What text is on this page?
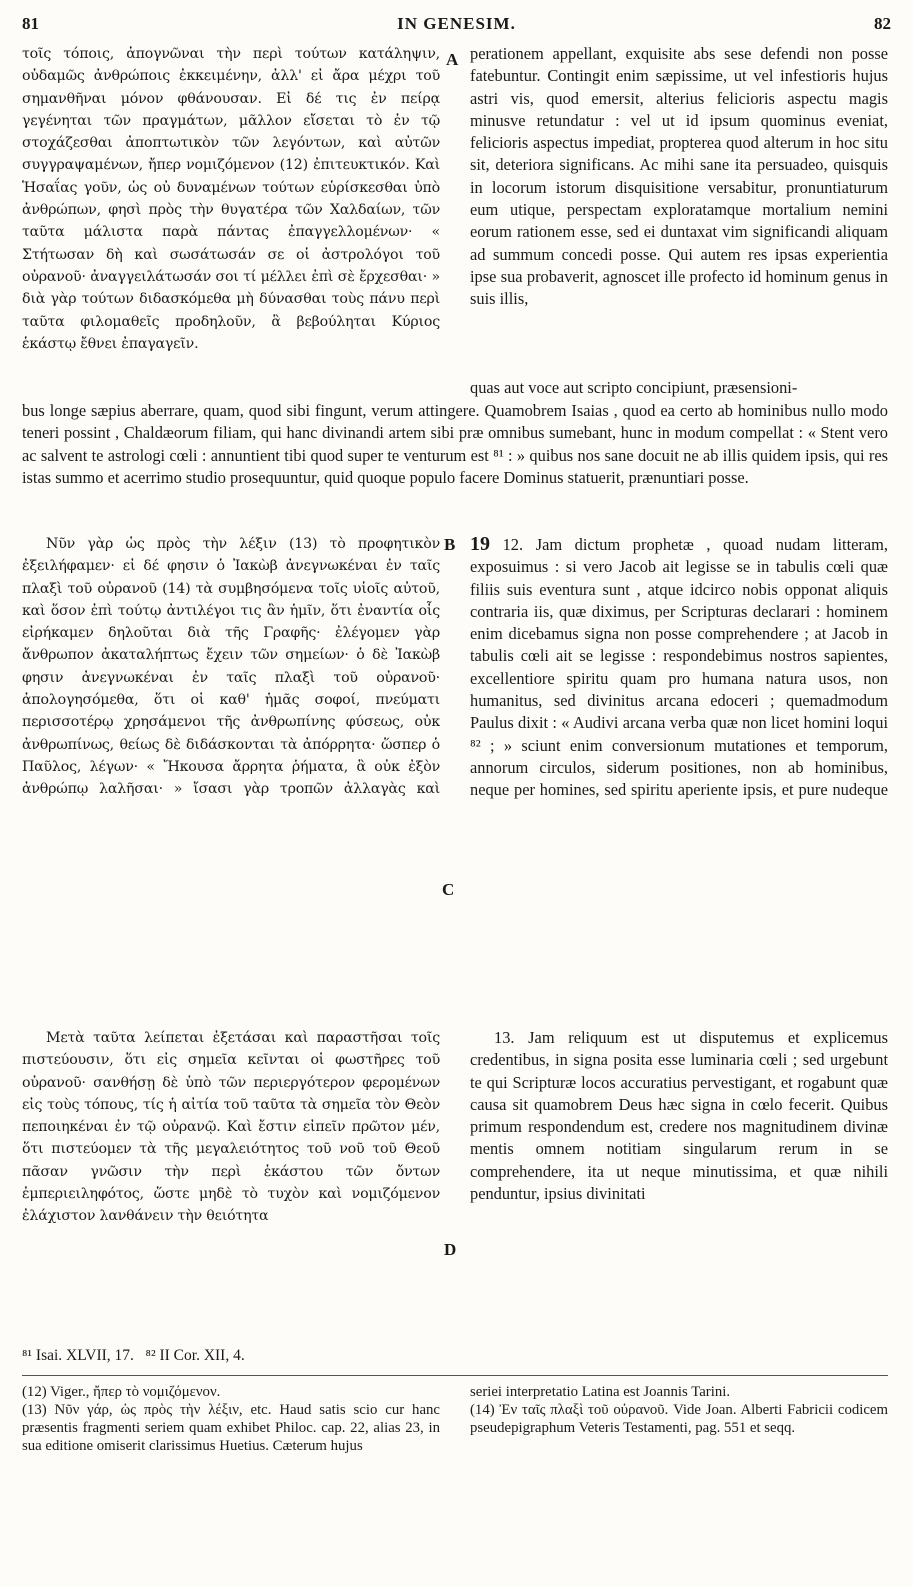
81	IN GENESIM.	82
τοῖς τόποις, ἀπογνῶναι τὴν περὶ τούτων κατάληψιν, οὐδαμῶς ἀνθρώποις ἐκκειμένην, ἀλλ' εἰ ἄρα μέχρι τοῦ σημανθῆναι μόνον φθάνουσαν. Εἰ δέ τις ἐν πείρᾳ γεγένηται τῶν πραγμάτων, μᾶλλον εἴσεται τὸ ἐν τῷ στοχάζεσθαι ἀποπτωτικὸν τῶν λεγόντων, καὶ αὐτῶν συγγραψαμένων, ἤπερ νομιζόμενον (12) ἐπιτευκτικόν. Καὶ Ἡσαΐας γοῦν, ὡς οὐ δυναμένων τούτων εὑρίσκεσθαι ὑπὸ ἀνθρώπων, φησὶ πρὸς τὴν θυγατέρα τῶν Χαλδαίων, τῶν ταῦτα μάλιστα παρὰ πάντας ἐπαγγελλομένων· « Στήτωσαν δὴ καὶ σωσάτωσάν σε οἱ ἀστρολόγοι τοῦ οὐρανοῦ· ἀναγγειλάτωσάν σοι τί μέλλει ἐπὶ σὲ ἔρχεσθαι· » διὰ γὰρ τούτων διδασκόμεθα μὴ δύνασθαι τοὺς πάνυ περὶ ταῦτα φιλομαθεῖς προδηλοῦν, ἃ βεβούληται Κύριος ἑκάστῳ ἔθνει ἐπαγαγεῖν.
A perationem appellant, exquisite abs sese defendi non posse fatebuntur. Contingit enim sæpissime, ut vel infestioris hujus astri vis, quod emersit, alterius felicioris aspectu magis minusve retundatur : vel ut id ipsum quominus eveniat, felicioris aspectus impediat, propterea quod alterum in hoc situ sit, deteriora significans. Ac mihi sane ita persuadeo, quisquis in locorum istorum disquisitione versabitur, pronuntiaturum eum utique, perspectam exploratamque mortalium nemini eorum rationem esse, sed ei duntaxat vim significandi aliquam ad summum concedi posse. Qui autem res ipsas experientia ipse sua probaverit, agnoscet ille profecto id hominum genus in suis illis,
quas aut voce aut scripto concipiunt, præsensioni-
bus longe sæpius aberrare, quam, quod sibi fingunt, verum attingere. Quamobrem Isaias , quod ea certo ab hominibus nullo modo teneri possint , Chaldæorum filiam, qui hanc divinandi artem sibi præ omnibus sumebant, hunc in modum compellat : « Stent vero ac salvent te astrologi cœli : annuntient tibi quod super te venturum est ⁸¹ : » quibus nos sane docuit ne ab illis quidem ipsis, qui res istas summo et acerrimo studio prosequuntur, quid quoque populo facere Dominus statuerit, prænuntiari posse.
Νῦν γὰρ ὡς πρὸς τὴν λέξιν (13) τὸ προφητικὸν ἐξειλήφαμεν· εἰ δέ φησιν ὁ Ἰακὼβ ἀνεγνωκέναι ἐν ταῖς πλαξὶ τοῦ οὐρανοῦ (14) τὰ συμβησόμενα τοῖς υἱοῖς αὐτοῦ, καὶ ὅσον ἐπὶ τούτῳ ἀντιλέγοι τις ἂν ἡμῖν, ὅτι ἐναντία οἷς εἰρήκαμεν δηλοῦται διὰ τῆς Γραφῆς· ἐλέγομεν γὰρ ἄνθρωπον ἀκαταλήπτως ἔχειν τῶν σημείων· ὁ δὲ Ἰακὼβ φησιν ἀνεγνωκέναι ἐν ταῖς πλαξὶ τοῦ οὐρανοῦ· ἀπολογησόμεθα, ὅτι οἱ καθ' ἡμᾶς σοφοί, πνεύματι περισσοτέρῳ χρησάμενοι τῆς ἀνθρωπίνης φύσεως, οὐκ ἀνθρωπίνως, θείως δὲ διδάσκονται τὰ ἀπόρρητα· ὥσπερ ὁ Παῦλος, λέγων· « Ἤκουσα ἄρρητα ῥήματα, ἃ οὐκ ἐξὸν ἀνθρώπῳ λαλῆσαι· » ἴσασι γὰρ τροπῶν ἀλλαγὰς καὶ
B 19 12. Jam dictum prophetæ , quoad nudam litteram, exposuimus : si vero Jacob ait legisse se in tabulis cœli quæ filiis suis eventura sunt , atque idcirco nobis opponat aliquis contraria iis, quæ diximus, per Scripturas declarari : hominem enim dicebamus signa non posse comprehendere ; at Jacob in tabulis cœli ait se legisse : respondebimus nostros sapientes, excellentiore spiritu quam pro humana natura usos, non humanitus, sed divinitus arcana edoceri ; quemadmodum Paulus dixit : « Audivi arcana verba quæ non licet homini loqui ⁸² ; » sciunt enim conversionum mutationes et temporum, annorum circulos, siderum positiones, non ab hominibus, neque per homines, sed spiritu aperiente ipsis, et pure nudeque
C
Μετὰ ταῦτα λείπεται ἐξετάσαι καὶ παραστῆσαι τοῖς πιστεύουσιν, ὅτι εἰς σημεῖα κεῖνται οἱ φωστῆρες τοῦ οὐρανοῦ· σανθήσῃ δὲ ὑπὸ τῶν περιεργότερον φερομένων εἰς τοὺς τόπους, τίς ἡ αἰτία τοῦ ταῦτα τὰ σημεῖα τὸν Θεὸν πεποιηκέναι ἐν τῷ οὐρανῷ. Καὶ ἔστιν εἰπεῖν πρῶτον μέν, ὅτι πιστεύομεν τὰ τῆς μεγαλειότητος τοῦ νοῦ τοῦ Θεοῦ πᾶσαν γνῶσιν τὴν περὶ ἑκάστου τῶν ὄντων ἐμπεριειληφότος, ὥστε μηδὲ τὸ τυχὸν καὶ νομιζόμενον ἐλάχιστον λανθάνειν τὴν θειότητα
D
13. Jam reliquum est ut disputemus et explicemus credentibus, in signa posita esse luminaria cœli ; sed urgebunt te qui Scripturæ locos accuratius pervestigant, et rogabunt quæ causa sit quamobrem Deus hæc signa in cœlo fecerit. Quibus primum respondendum est, credere nos magnitudinem divinæ mentis omnem notitiam singularum rerum in se comprehendere, ita ut neque minutissima, et quæ nihili penduntur, ipsius divinitati
⁸¹ Isai. XLVII, 17.   ⁸² II Cor. XII, 4.
(12) Viger., ἤπερ τὸ νομιζόμενον.
(13) Νῦν γάρ, ὡς πρὸς τὴν λέξιν, etc. Haud satis scio cur hanc præsentis fragmenti seriem quam exhibet Philoc. cap. 22, alias 23, in sua editione omiserit clarissimus Huetius. Cæterum hujus
seriei interpretatio Latina est Joannis Tarini.
(14) Ἐν ταῖς πλαξὶ τοῦ οὐρανοῦ. Vide Joan. Alberti Fabricii codicem pseudepigraphum Veteris Testamenti, pag. 551 et seqq.
